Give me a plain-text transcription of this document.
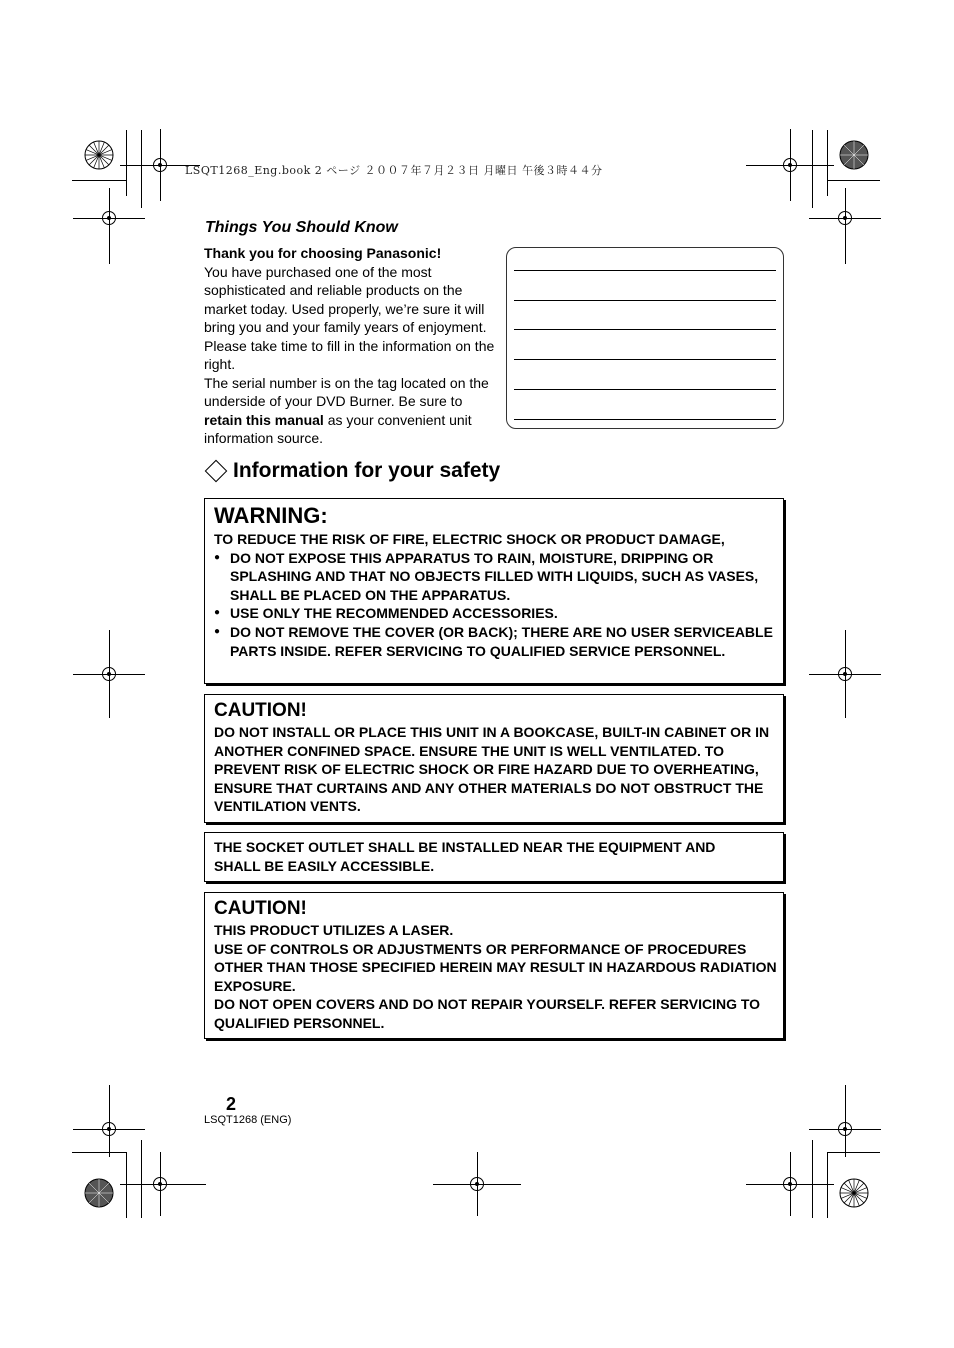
LSQT1268_Eng.book 2 ページ ２００７年７月２３日 月曜日 午後３時４４分
Things You Should Know
Thank you for choosing Panasonic!
You have purchased one of the most sophisticated and reliable products on the market today. Used properly, we’re sure it will bring you and your family years of enjoyment. Please take time to fill in the information on the right.
The serial number is on the tag located on the underside of your DVD Burner. Be sure to retain this manual as your convenient unit information source.
Information for your safety
WARNING:
TO REDUCE THE RISK OF FIRE, ELECTRIC SHOCK OR PRODUCT DAMAGE,
● DO NOT EXPOSE THIS APPARATUS TO RAIN, MOISTURE, DRIPPING OR SPLASHING AND THAT NO OBJECTS FILLED WITH LIQUIDS, SUCH AS VASES, SHALL BE PLACED ON THE APPARATUS.
● USE ONLY THE RECOMMENDED ACCESSORIES.
● DO NOT REMOVE THE COVER (OR BACK); THERE ARE NO USER SERVICEABLE PARTS INSIDE. REFER SERVICING TO QUALIFIED SERVICE PERSONNEL.
CAUTION!
DO NOT INSTALL OR PLACE THIS UNIT IN A BOOKCASE, BUILT-IN CABINET OR IN ANOTHER CONFINED SPACE. ENSURE THE UNIT IS WELL VENTILATED. TO PREVENT RISK OF ELECTRIC SHOCK OR FIRE HAZARD DUE TO OVERHEATING, ENSURE THAT CURTAINS AND ANY OTHER MATERIALS DO NOT OBSTRUCT THE VENTILATION VENTS.
THE SOCKET OUTLET SHALL BE INSTALLED NEAR THE EQUIPMENT AND SHALL BE EASILY ACCESSIBLE.
CAUTION!
THIS PRODUCT UTILIZES A LASER.
USE OF CONTROLS OR ADJUSTMENTS OR PERFORMANCE OF PROCEDURES OTHER THAN THOSE SPECIFIED HEREIN MAY RESULT IN HAZARDOUS RADIATION EXPOSURE.
DO NOT OPEN COVERS AND DO NOT REPAIR YOURSELF. REFER SERVICING TO QUALIFIED PERSONNEL.
2
LSQT1268 (ENG)
